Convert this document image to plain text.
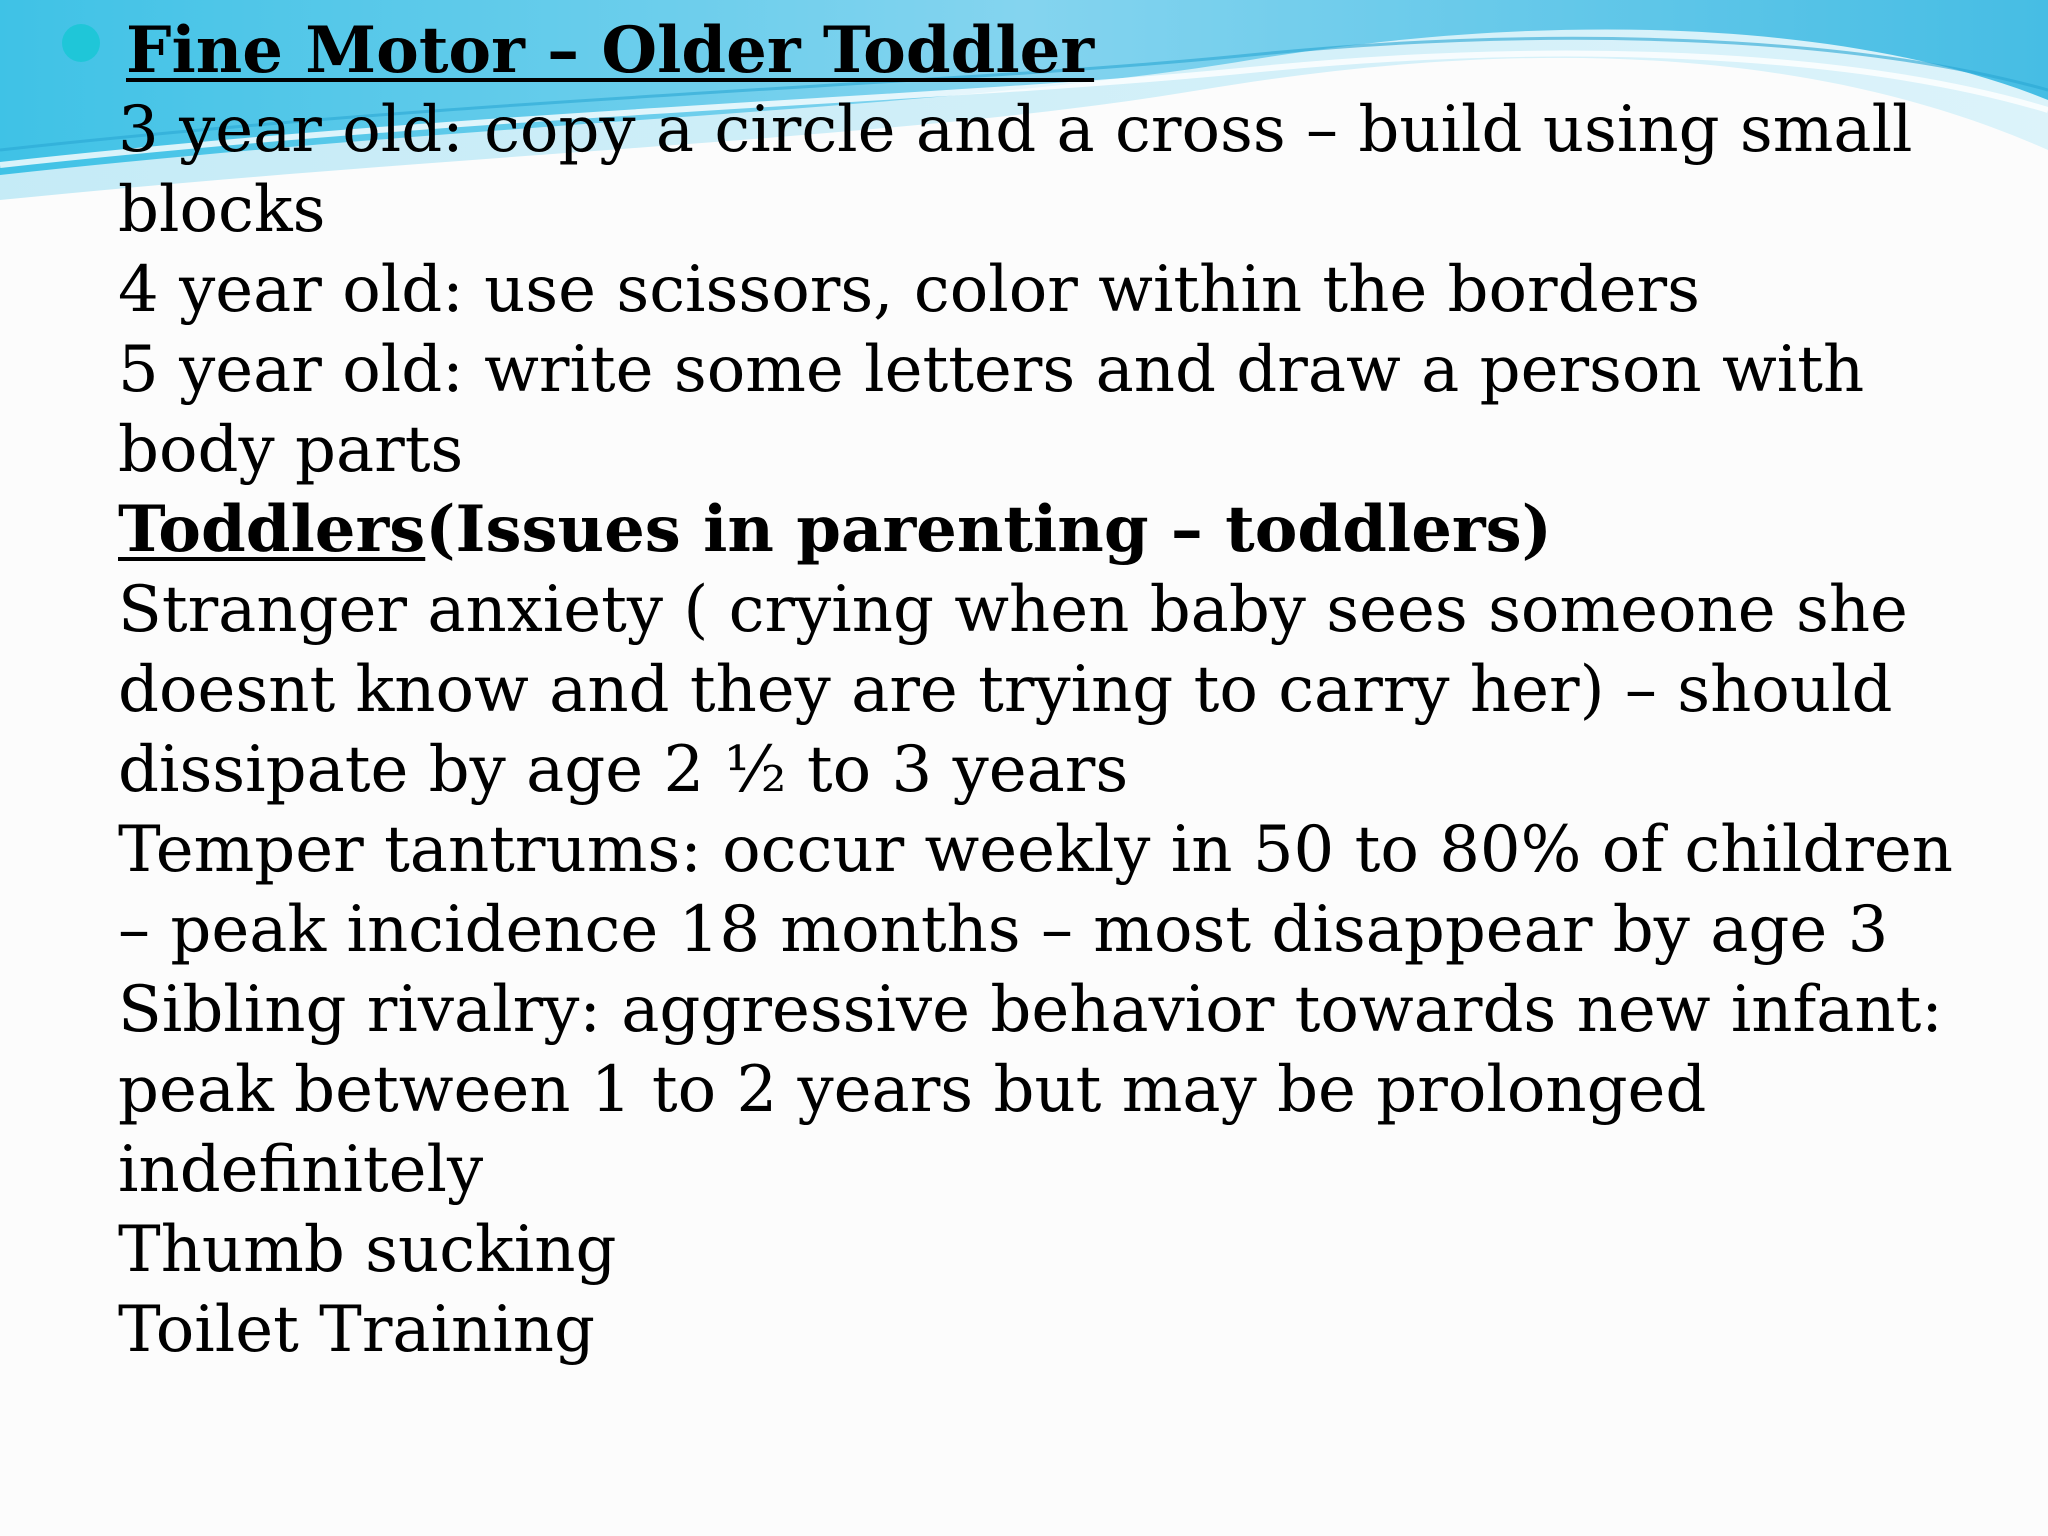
Fine Motor – Older Toddler
3 year old: copy a circle and a cross – build using small
blocks
4 year old: use scissors, color within the borders
5 year old: write some letters and draw a person with
body parts
Toddlers(Issues in parenting – toddlers)
Stranger anxiety ( crying when baby sees someone she
doesnt know and they are trying to carry her) – should
dissipate by age 2 ½ to 3 years
Temper tantrums: occur weekly in 50 to 80% of children
– peak incidence 18 months – most disappear by age 3
Sibling rivalry: aggressive behavior towards new infant:
peak between 1 to 2 years but may be prolonged
indefinitely
Thumb sucking
Toilet Training
